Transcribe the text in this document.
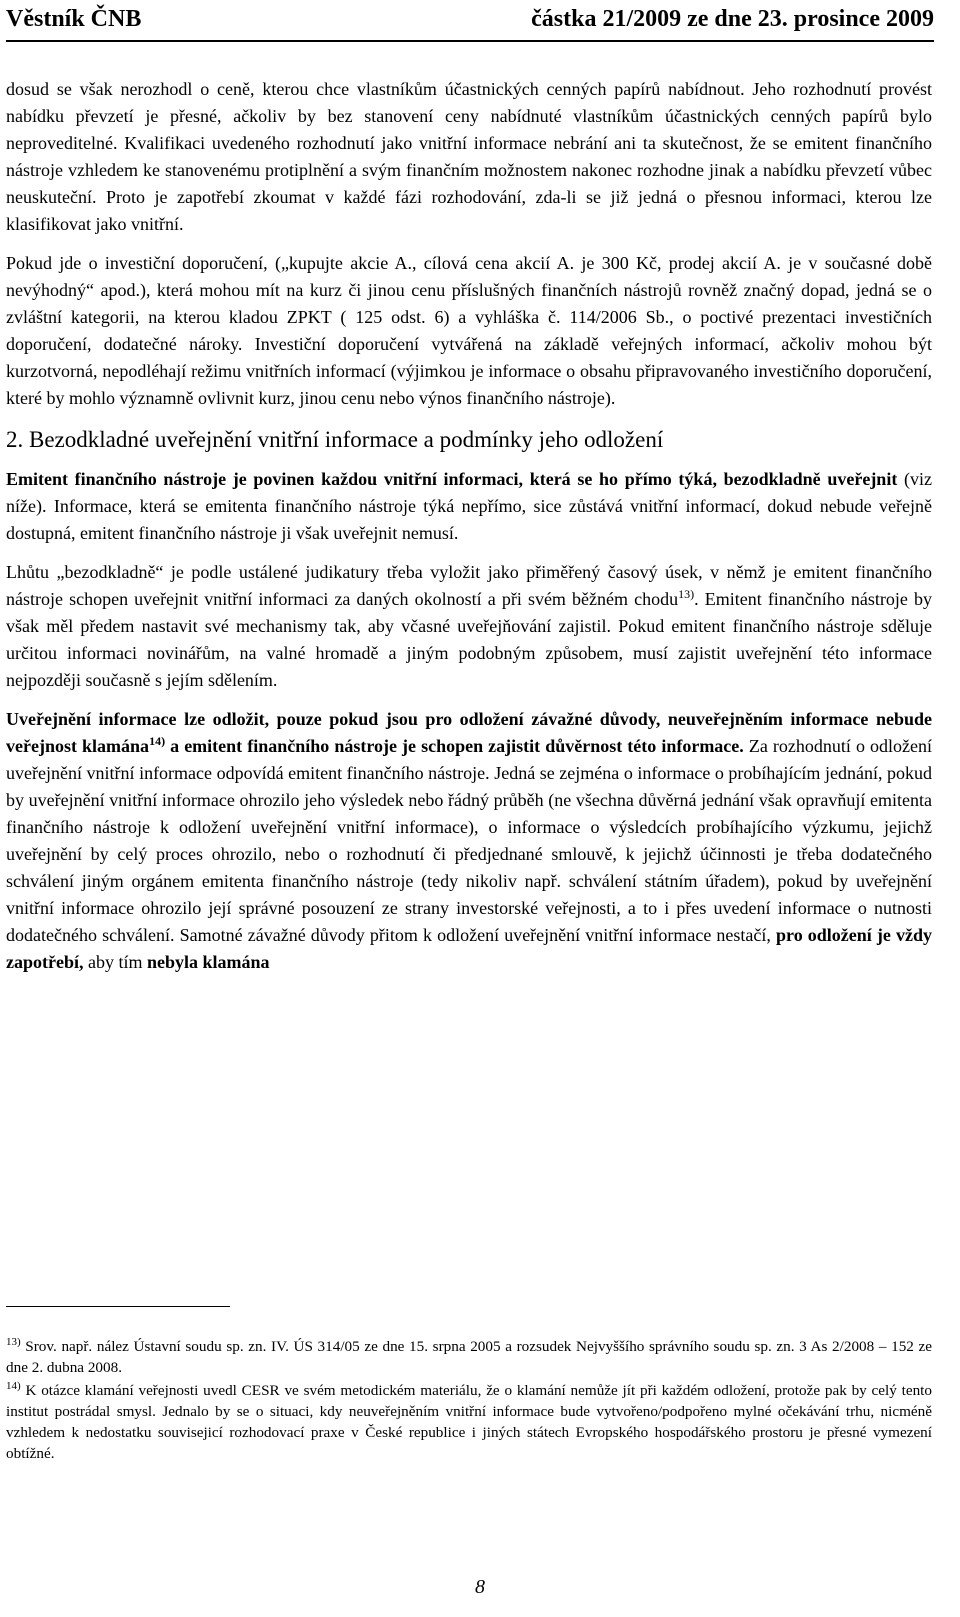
Věstník ČNB	částka 21/2009 ze dne 23. prosince 2009

dosud se však nerozhodl o ceně, kterou chce vlastníkům účastnických cenných papírů nabídnout. Jeho rozhodnutí provést nabídku převzetí je přesné, ačkoliv by bez stanovení ceny nabídnuté vlastníkům účastnických cenných papírů bylo neproveditelné. Kvalifikaci uvedeného rozhodnutí jako vnitřní informace nebrání ani ta skutečnost, že se emitent finančního nástroje vzhledem ke stanovenému protiplnění a svým finančním možnostem nakonec rozhodne jinak a nabídku převzetí vůbec neuskuteční. Proto je zapotřebí zkoumat v každé fázi rozhodování, zda-li se již jedná o přesnou informaci, kterou lze klasifikovat jako vnitřní.

Pokud jde o investiční doporučení, („kupujte akcie A., cílová cena akcií A. je 300 Kč, prodej akcií A. je v současné době nevýhodný“ apod.), která mohou mít na kurz či jinou cenu příslušných finančních nástrojů rovněž značný dopad, jedná se o zvláštní kategorii, na kterou kladou ZPKT ( 125 odst. 6) a vyhláška č. 114/2006 Sb., o poctivé prezentaci investičních doporučení, dodatečné nároky. Investiční doporučení vytvářená na základě veřejných informací, ačkoliv mohou být kurzotvorná, nepodléhají režimu vnitřních informací (výjimkou je informace o obsahu připravovaného investičního doporučení, které by mohlo významně ovlivnit kurz, jinou cenu nebo výnos finančního nástroje).

2. Bezodkladné uveřejnění vnitřní informace a podmínky jeho odložení

Emitent finančního nástroje je povinen každou vnitřní informaci, která se ho přímo týká, bezodkladně uveřejnit (viz níže). Informace, která se emitenta finančního nástroje týká nepřímo, sice zůstává vnitřní informací, dokud nebude veřejně dostupná, emitent finančního nástroje ji však uveřejnit nemusí.

Lhůtu „bezodkladně“ je podle ustálené judikatury třeba vyložit jako přiměřený časový úsek, v němž je emitent finančního nástroje schopen uveřejnit vnitřní informaci za daných okolností a při svém běžném chodu$^{13)}$. Emitent finančního nástroje by však měl předem nastavit své mechanismy tak, aby včasné uveřejňování zajistil. Pokud emitent finančního nástroje sděluje určitou informaci novinářům, na valné hromadě a jiným podobným způsobem, musí zajistit uveřejnění této informace nejpozději současně s jejím sdělením.

Uveřejnění informace lze odložit, pouze pokud jsou pro odložení závažné důvody, neuveřejněním informace nebude veřejnost klamána$^{14)}$ a emitent finančního nástroje je schopen zajistit důvěrnost této informace. Za rozhodnutí o odložení uveřejnění vnitřní informace odpovídá emitent finančního nástroje. Jedná se zejména o informace o probíhajícím jednání, pokud by uveřejnění vnitřní informace ohrozilo jeho výsledek nebo řádný průběh (ne všechna důvěrná jednání však opravňují emitenta finančního nástroje k odložení uveřejnění vnitřní informace), o informace o výsledcích probíhajícího výzkumu, jejichž uveřejnění by celý proces ohrozilo, nebo o rozhodnutí či předjednané smlouvě, k jejichž účinnosti je třeba dodatečného schválení jiným orgánem emitenta finančního nástroje (tedy nikoliv např. schválení státním úřadem), pokud by uveřejnění vnitřní informace ohrozilo její správné posouzení ze strany investorské veřejnosti, a to i přes uvedení informace o nutnosti dodatečného schválení. Samotné závažné důvody přitom k odložení uveřejnění vnitřní informace nestačí, pro odložení je vždy zapotřebí, aby tím nebyla klamána

$^{13)}$ Srov. např. nález Ústavní soudu sp. zn. IV. ÚS 314/05 ze dne 15. srpna 2005 a rozsudek Nejvyššího správního soudu sp. zn. 3 As 2/2008 – 152 ze dne 2. dubna 2008.

$^{14)}$ K otázce klamání veřejnosti uvedl CESR ve svém metodickém materiálu, že o klamání nemůže jít při každém odložení, protože pak by celý tento institut postrádal smysl. Jednalo by se o situaci, kdy neuveřejněním vnitřní informace bude vytvořeno/podpořeno mylné očekávání trhu, nicméně vzhledem k nedostatku souvisejicí rozhodovací praxe v České republice i jiných státech Evropského hospodářského prostoru je přesné vymezení obtížné.

8
